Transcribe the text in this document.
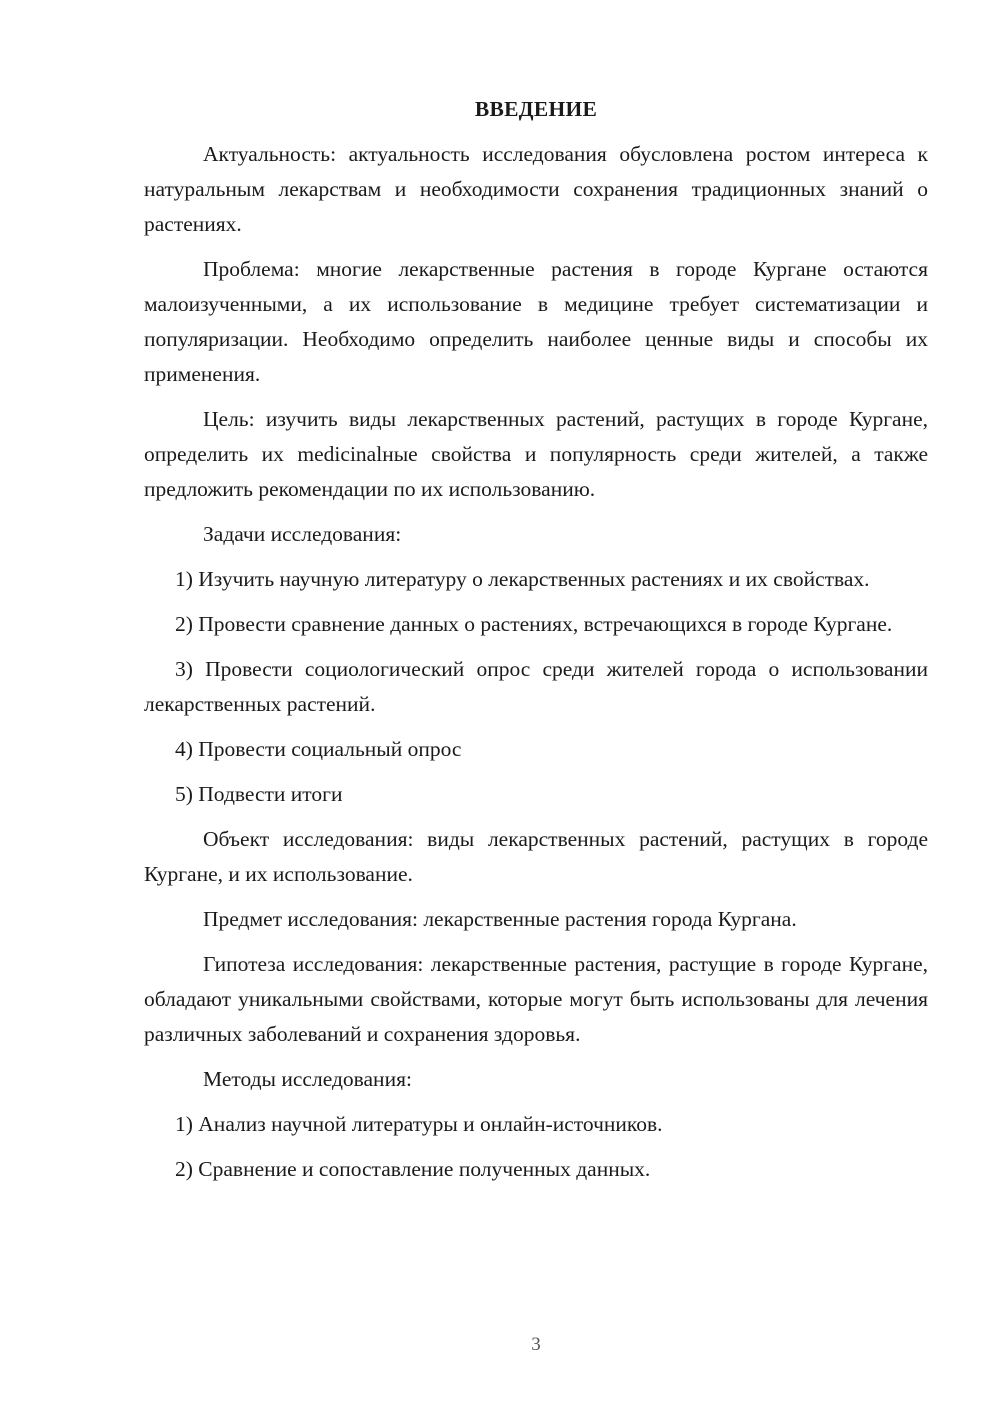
ВВЕДЕНИЕ

Актуальность: актуальность исследования обусловлена ростом интереса к натуральным лекарствам и необходимости сохранения традиционных знаний о растениях.

Проблема: многие лекарственные растения в городе Кургане остаются малоизученными, а их использование в медицине требует систематизации и популяризации. Необходимо определить наиболее ценные виды и способы их применения.

Цель: изучить виды лекарственных растений, растущих в городе Кургане, определить их medicinalные свойства и популярность среди жителей, а также предложить рекомендации по их использованию.

Задачи исследования:

1) Изучить научную литературу о лекарственных растениях и их свойствах.

2) Провести сравнение данных о растениях, встречающихся в городе Кургане.

3) Провести социологический опрос среди жителей города о использовании лекарственных растений.

4) Провести социальный опрос

5) Подвести итоги

Объект исследования: виды лекарственных растений, растущих в городе Кургане, и их использование.

Предмет исследования: лекарственные растения города Кургана.

Гипотеза исследования: лекарственные растения, растущие в городе Кургане, обладают уникальными свойствами, которые могут быть использованы для лечения различных заболеваний и сохранения здоровья.

Методы исследования:

1) Анализ научной литературы и онлайн-источников.

2) Сравнение и сопоставление полученных данных.

3
